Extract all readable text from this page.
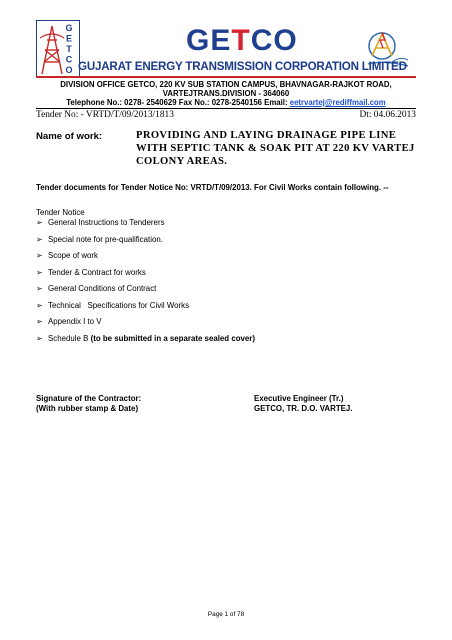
G
E
T
C
O
GETCO
GUJARAT ENERGY TRANSMISSION CORPORATION LIMITED
DIVISION OFFICE GETCO, 220 KV SUB STATION CAMPUS, BHAVNAGAR-RAJKOT ROAD,
VARTEJTRANS.DIVISION - 364060
Telephone No.: 0278- 2540629 Fax No.: 0278-2540156 Email: eetrvartej@rediffmail.com
Tender No: - VRTD/T/09/2013/1813	Dt: 04.06.2013
Name of work:	PROVIDING AND LAYING DRAINAGE PIPE LINE WITH SEPTIC TANK & SOAK PIT AT 220 KV VARTEJ COLONY AREAS.
Tender documents for Tender Notice No: VRTD/T/09/2013. For Civil Works contain following. --
Tender Notice
➢ General Instructions to Tenderers
➢ Special note for pre-qualification.
➢ Scope of work
➢ Tender & Contract for works
➢ General Conditions of Contract
➢ Technical   Specifications for Civil Works
➢ Appendix I to V
➢ Schedule B (to be submitted in a separate sealed cover)
Signature of the Contractor:
(With rubber stamp & Date)
Executive Engineer (Tr.)
GETCO, TR. D.O. VARTEJ.
Page 1 of 78
